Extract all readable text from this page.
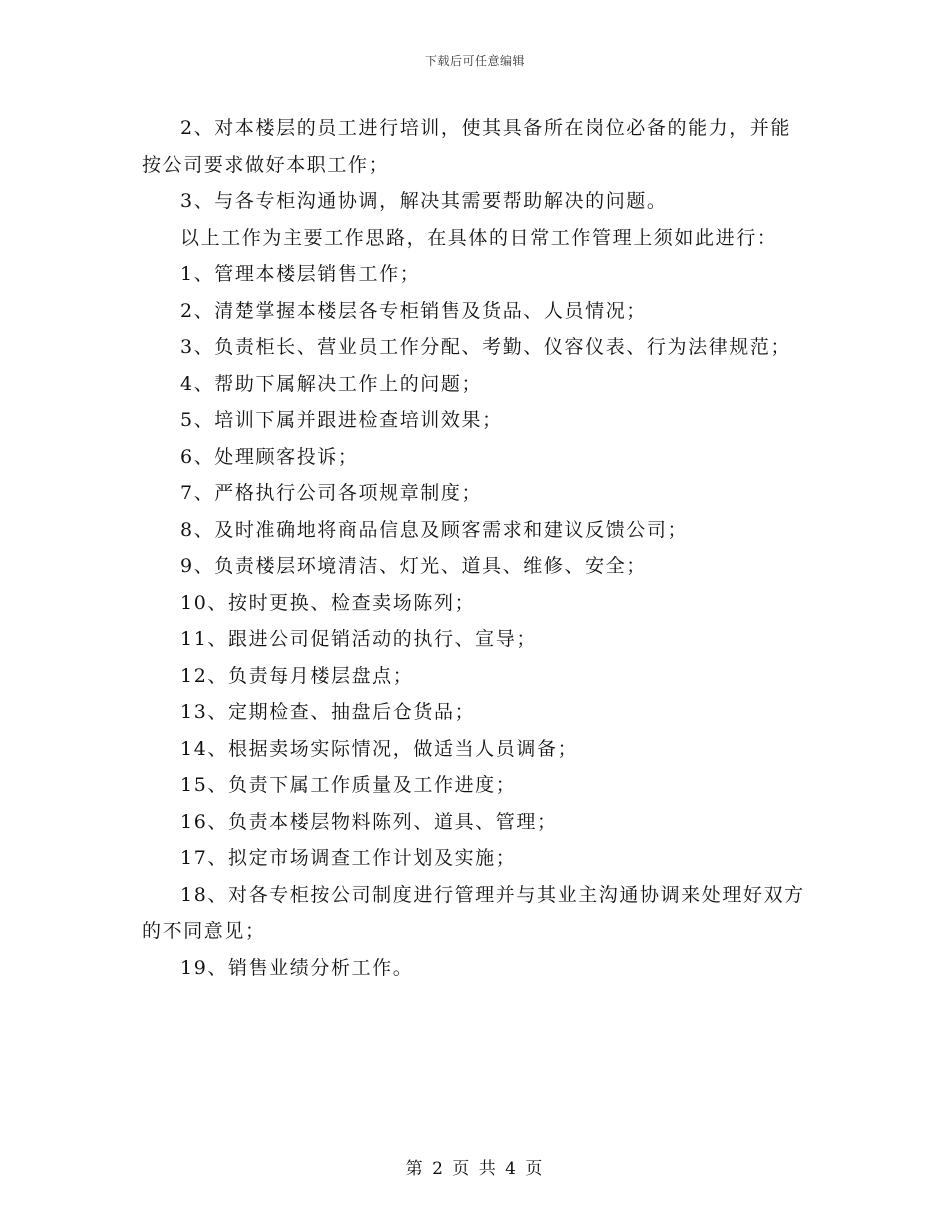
下载后可任意编辑

2、对本楼层的员工进行培训，使其具备所在岗位必备的能力，并能按公司要求做好本职工作；

3、与各专柜沟通协调，解决其需要帮助解决的问题。

以上工作为主要工作思路，在具体的日常工作管理上须如此进行：

1、管理本楼层销售工作；

2、清楚掌握本楼层各专柜销售及货品、人员情况；

3、负责柜长、营业员工作分配、考勤、仪容仪表、行为法律规范；

4、帮助下属解决工作上的问题；

5、培训下属并跟进检查培训效果；

6、处理顾客投诉；

7、严格执行公司各项规章制度；

8、及时准确地将商品信息及顾客需求和建议反馈公司；

9、负责楼层环境清洁、灯光、道具、维修、安全；

10、按时更换、检查卖场陈列；

11、跟进公司促销活动的执行、宣导；

12、负责每月楼层盘点；

13、定期检查、抽盘后仓货品；

14、根据卖场实际情况，做适当人员调备；

15、负责下属工作质量及工作进度；

16、负责本楼层物料陈列、道具、管理；

17、拟定市场调查工作计划及实施；

18、对各专柜按公司制度进行管理并与其业主沟通协调来处理好双方的不同意见；

19、销售业绩分析工作。

第 2 页 共 4 页
